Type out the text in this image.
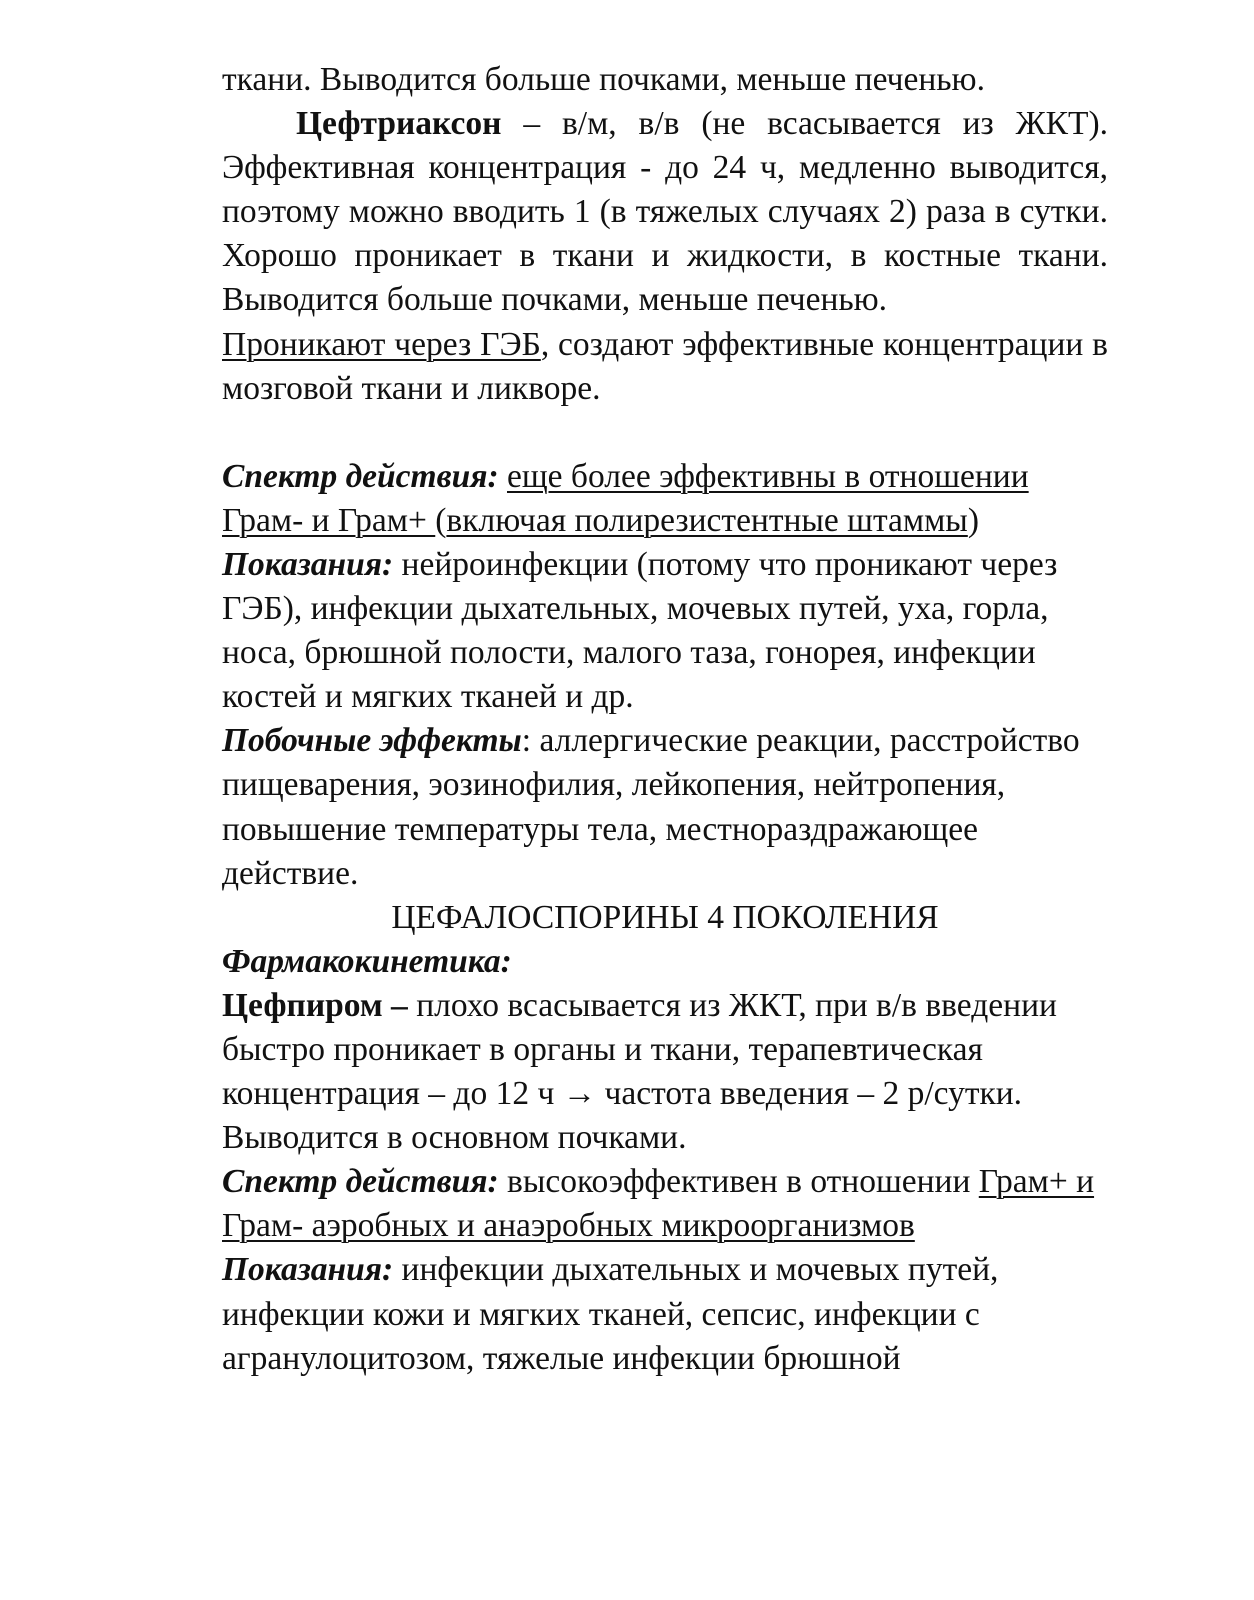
ткани. Выводится больше почками, меньше печенью.

Цефтриаксон – в/м, в/в (не всасывается из ЖКТ). Эффективная концентрация - до 24 ч, медленно выводится, поэтому можно вводить 1 (в тяжелых случаях 2) раза в сутки. Хорошо проникает в ткани и жидкости, в костные ткани. Выводится больше почками, меньше печенью.

Проникают через ГЭБ, создают эффективные концентрации в мозговой ткани и ликворе.

Спектр действия: еще более эффективны в отношении Грам- и Грам+ (включая полирезистентные штаммы)

Показания: нейроинфекции (потому что проникают через ГЭБ), инфекции дыхательных, мочевых путей, уха, горла, носа, брюшной полости, малого таза, гонорея, инфекции костей и мягких тканей и др.

Побочные эффекты: аллергические реакции, расстройство пищеварения, эозинофилия, лейкопения, нейтропения, повышение температуры тела, местнораздражающее действие.

ЦЕФАЛОСПОРИНЫ 4 ПОКОЛЕНИЯ

Фармакокинетика:

Цефпиром – плохо всасывается из ЖКТ, при в/в введении быстро проникает в органы и ткани, терапевтическая концентрация – до 12 ч → частота введения – 2 р/сутки. Выводится в основном почками.

Спектр действия: высокоэффективен в отношении Грам+ и Грам- аэробных и анаэробных микроорганизмов

Показания: инфекции дыхательных и мочевых путей, инфекции кожи и мягких тканей, сепсис, инфекции с агранулоцитозом, тяжелые инфекции брюшной
